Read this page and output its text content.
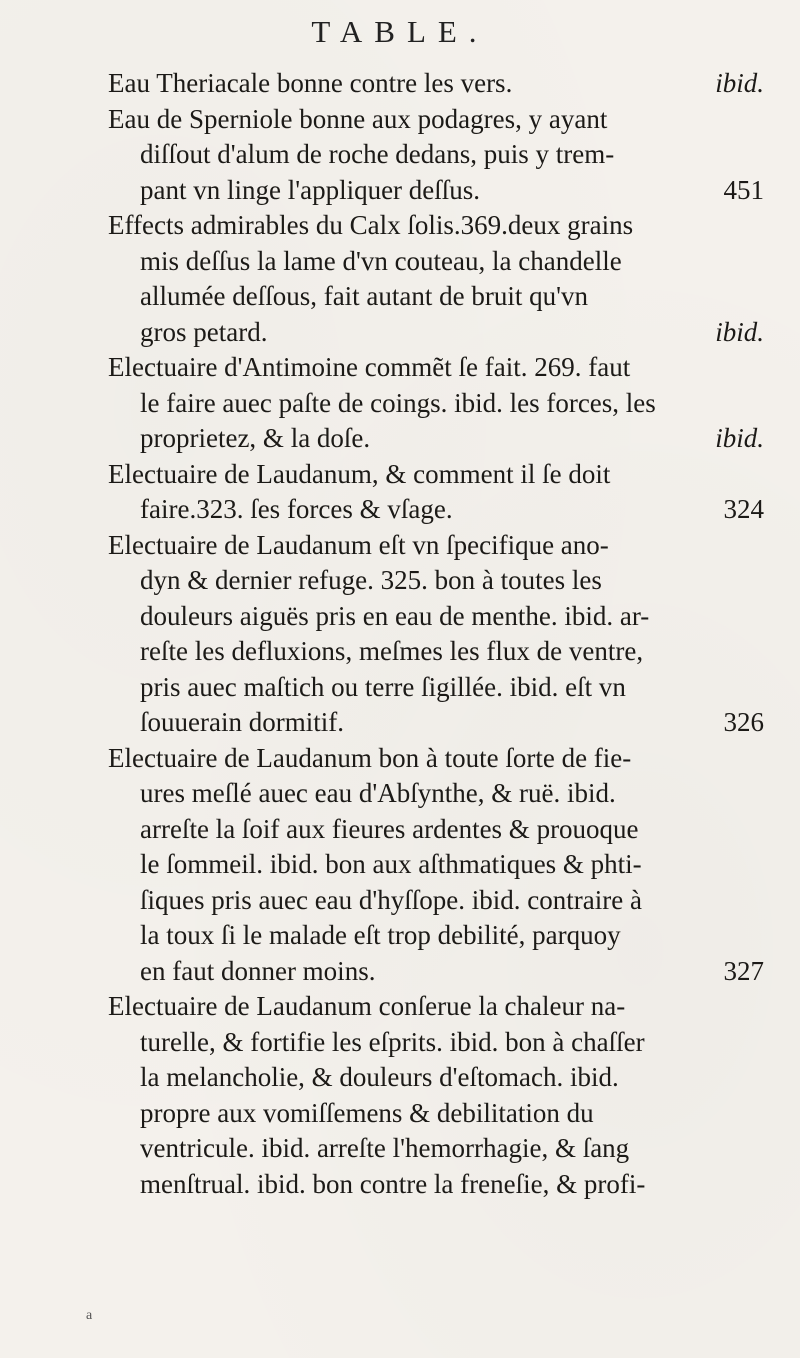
TABLE.
Eau Theriacale bonne contre les vers.	ibid.
Eau de Sperniole bonne aux podagres, y ayant
diſſout d'alum de roche dedans, puis y trem-
pant vn linge l'appliquer deſſus.	451
Effects admirables du Calx ſolis.369.deux grains
mis deſſus la lame d'vn couteau, la chandelle
allumée deſſous, fait autant de bruit qu'vn
gros petard.	ibid.
Electuaire d'Antimoine commẽt ſe fait. 269. faut
le faire auec paſte de coings. ibid. les forces, les
proprietez, & la doſe.	ibid.
Electuaire de Laudanum, & comment il ſe doit
faire.323. ſes forces & vſage.	324
Electuaire de Laudanum eſt vn ſpecifique ano-
dyn & dernier refuge. 325. bon à toutes les
douleurs aiguës pris en eau de menthe. ibid. ar-
reſte les defluxions, meſmes les flux de ventre,
pris auec maſtich ou terre ſigillée. ibid. eſt vn
ſouuerain dormitif.	326
Electuaire de Laudanum bon à toute ſorte de fie-
ures meſlé auec eau d'Abſynthe, & ruë. ibid.
arreſte la ſoif aux fieures ardentes & prouoque
le ſommeil. ibid. bon aux aſthmatiques & phti-
ſiques pris auec eau d'hyſſope. ibid. contraire à
la toux ſi le malade eſt trop debilité, parquoy
en faut donner moins.	327
Electuaire de Laudanum conſerue la chaleur na-
turelle, & fortifie les eſprits. ibid. bon à chaſſer
la melancholie, & douleurs d'eſtomach. ibid.
propre aux vomiſſemens & debilitation du
ventricule. ibid. arreſte l'hemorrhagie, & ſang
menſtrual. ibid. bon contre la freneſie, & profi-
a
